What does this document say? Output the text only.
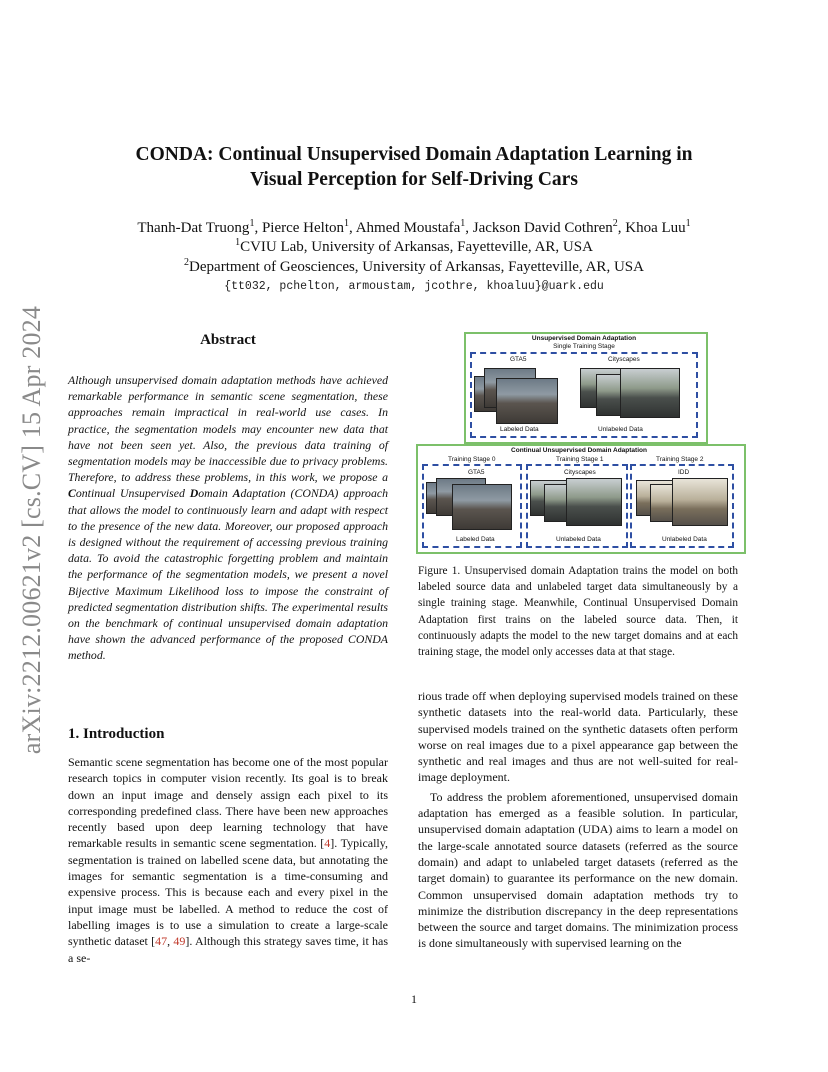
arXiv:2212.00621v2 [cs.CV] 15 Apr 2024
CONDA: Continual Unsupervised Domain Adaptation Learning in
Visual Perception for Self-Driving Cars
Thanh-Dat Truong$^1$, Pierce Helton$^1$, Ahmed Moustafa$^1$, Jackson David Cothren$^2$, Khoa Luu$^1$
$^1$CVIU Lab, University of Arkansas, Fayetteville, AR, USA
$^2$Department of Geosciences, University of Arkansas, Fayetteville, AR, USA
{tt032, pchelton, armoustam, jcothre, khoaluu}@uark.edu
Abstract
Although unsupervised domain adaptation methods have achieved remarkable performance in semantic scene segmentation, these approaches remain impractical in real-world use cases. In practice, the segmentation models may encounter new data that have not been seen yet. Also, the previous data training of segmentation models may be inaccessible due to privacy problems. Therefore, to address these problems, in this work, we propose a Continual Unsupervised Domain Adaptation (CONDA) approach that allows the model to continuously learn and adapt with respect to the presence of the new data. Moreover, our proposed approach is designed without the requirement of accessing previous training data. To avoid the catastrophic forgetting problem and maintain the performance of the segmentation models, we present a novel Bijective Maximum Likelihood loss to impose the constraint of predicted segmentation distribution shifts. The experimental results on the benchmark of continual unsupervised domain adaptation have shown the advanced performance of the proposed CONDA method.
1. Introduction
Semantic scene segmentation has become one of the most popular research topics in computer vision recently. Its goal is to break down an input image and densely assign each pixel to its corresponding predefined class. There have been new approaches recently based upon deep learning technology that have remarkable results in semantic scene segmentation. [4]. Typically, segmentation is trained on labelled scene data, but annotating the images for semantic segmentation is a time-consuming and expensive process. This is because each and every pixel in the input image must be labelled. A method to reduce the cost of labelling images is to use a simulation to create a large-scale synthetic dataset [47, 49]. Although this strategy saves time, it has a se-
Unsupervised Domain Adaptation
Single Training Stage
GTA5	Cityscapes
Labeled Data	Unlabeled Data
Continual Unsupervised Domain Adaptation
Training Stage 0	Training Stage 1	Training Stage 2
GTA5	Cityscapes	IDD
Labeled Data	Unlabeled Data	Unlabeled Data
Figure 1. Unsupervised domain Adaptation trains the model on both labeled source data and unlabeled target data simultaneously by a single training stage. Meanwhile, Continual Unsupervised Domain Adaptation first trains on the labeled source data. Then, it continuously adapts the model to the new target domains and at each training stage, the model only accesses data at that stage.
rious trade off when deploying supervised models trained on these synthetic datasets into the real-world data. Particularly, these supervised models trained on the synthetic datasets often perform worse on real images due to a pixel appearance gap between the synthetic and real images and thus are not well-suited for real-image deployment.
To address the problem aforementioned, unsupervised domain adaptation has emerged as a feasible solution. In particular, unsupervised domain adaptation (UDA) aims to learn a model on the large-scale annotated source datasets (referred as the source domain) and adapt to unlabeled target datasets (referred as the target domain) to guarantee its performance on the new domain. Common unsupervised domain adaptation methods try to minimize the distribution discrepancy in the deep representations between the source and target domains. The minimization process is done simultaneously with supervised learning on the
1
